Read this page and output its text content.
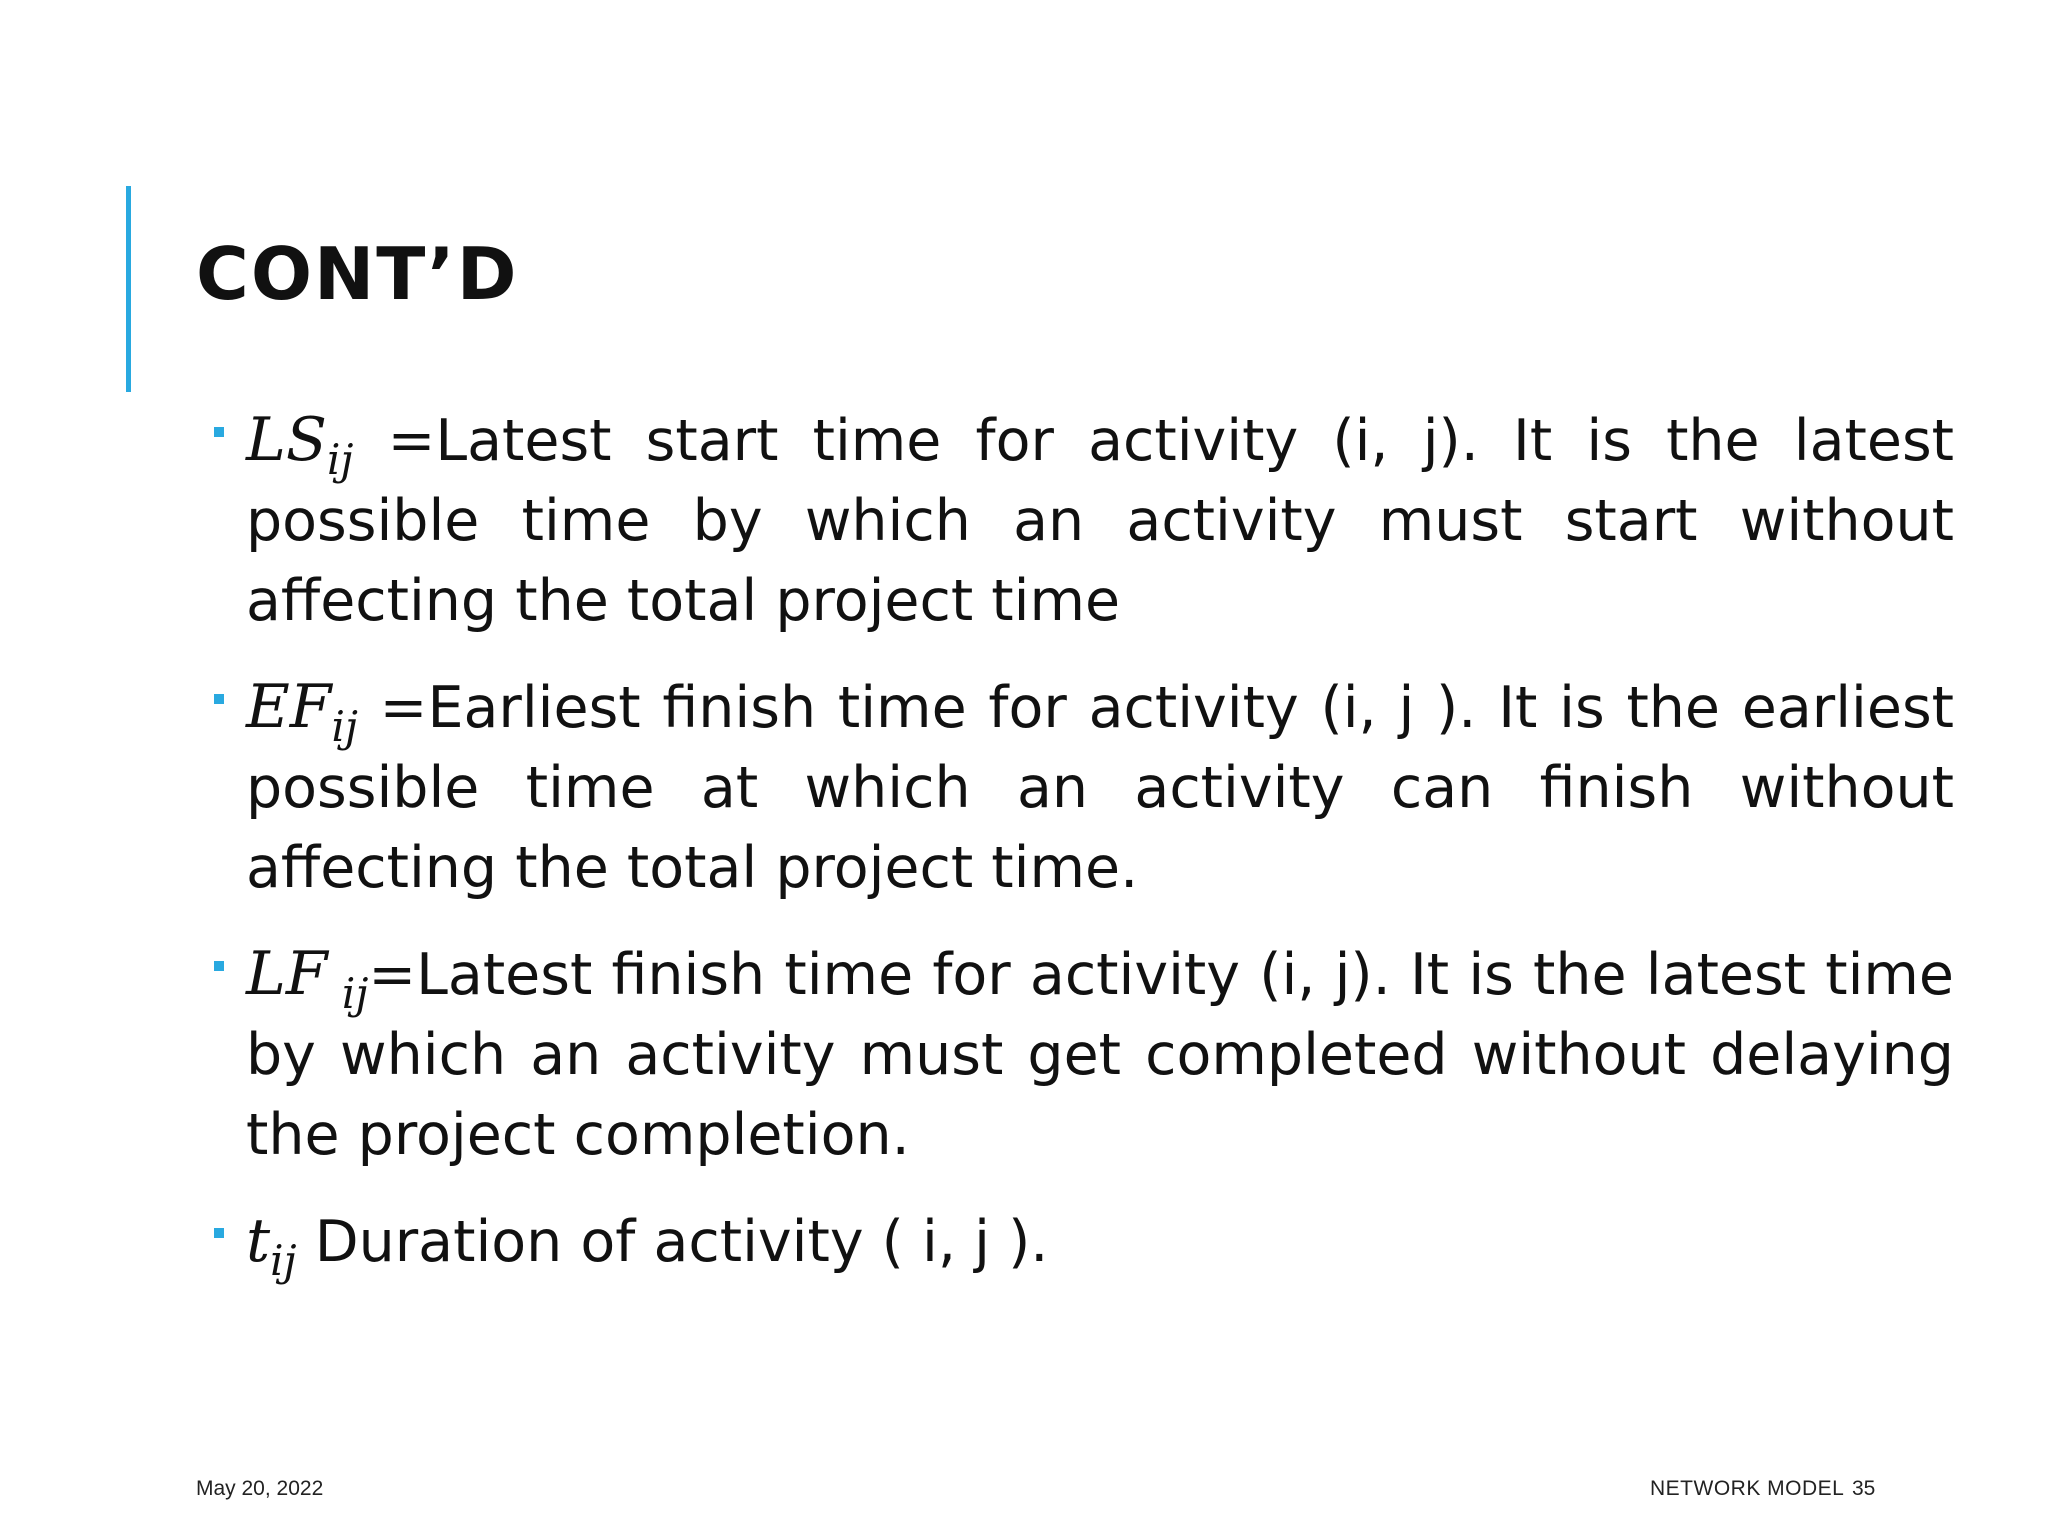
CONT’D
$LS_{ij}$ =Latest start time for activity (i, j). It is the latest possible time by which an activity must start without affecting the total project time
$EF_{ij}$ =Earliest finish time for activity (i, j ). It is the earliest possible time at which an activity can finish without affecting the total project time.
LF $_{ij}$=Latest finish time for activity (i, j). It is the latest time by which an activity must get completed without delaying the project completion.
$t_{ij}$ Duration of activity ( i, j ).
May 20, 2022	NETWORK MODEL 35
